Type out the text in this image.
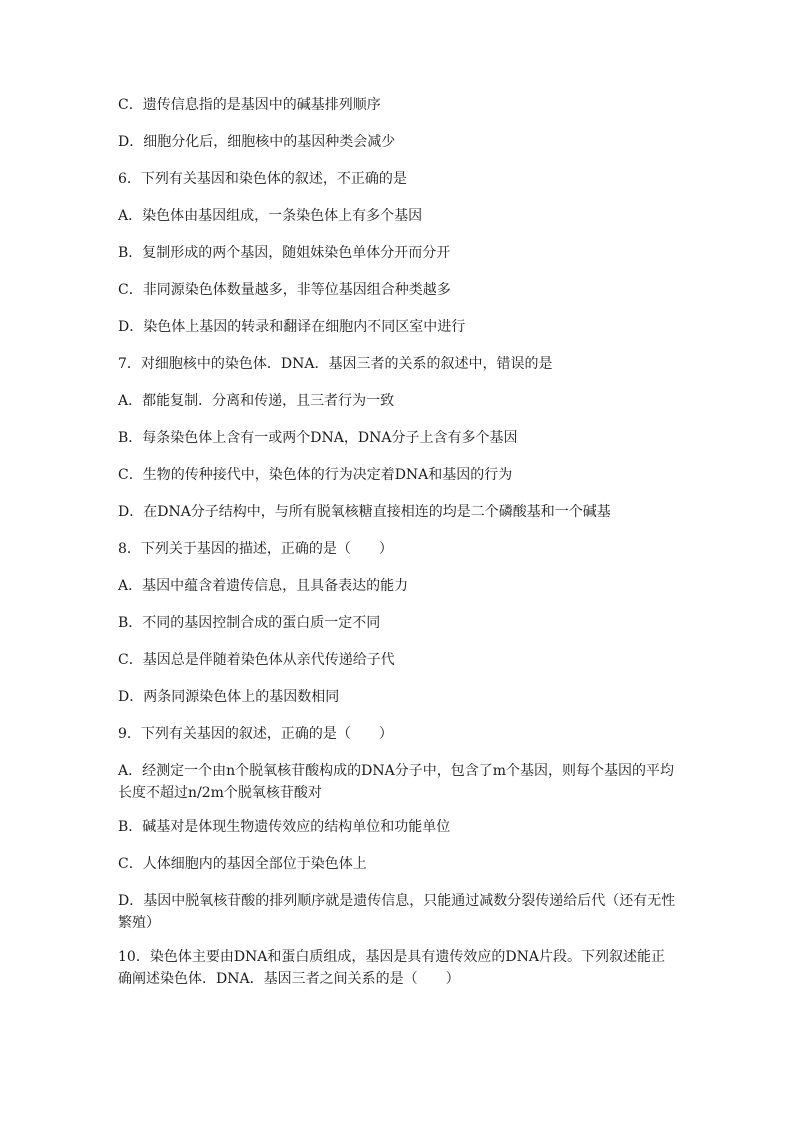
C．遗传信息指的是基因中的碱基排列顺序
D．细胞分化后，细胞核中的基因种类会减少
6．下列有关基因和染色体的叙述，不正确的是
A．染色体由基因组成，一条染色体上有多个基因
B．复制形成的两个基因，随姐妹染色单体分开而分开
C．非同源染色体数量越多，非等位基因组合种类越多
D．染色体上基因的转录和翻译在细胞内不同区室中进行
7．对细胞核中的染色体．DNA．基因三者的关系的叙述中，错误的是
A．都能复制．分离和传递，且三者行为一致
B．每条染色体上含有一或两个DNA，DNA分子上含有多个基因
C．生物的传种接代中，染色体的行为决定着DNA和基因的行为
D．在DNA分子结构中，与所有脱氧核糖直接相连的均是二个磷酸基和一个碱基
8．下列关于基因的描述，正确的是（　　）
A．基因中蕴含着遗传信息，且具备表达的能力
B．不同的基因控制合成的蛋白质一定不同
C．基因总是伴随着染色体从亲代传递给子代
D．两条同源染色体上的基因数相同
9．下列有关基因的叙述，正确的是（　　）
A．经测定一个由n个脱氧核苷酸构成的DNA分子中，包含了m个基因，则每个基因的平均长度不超过n/2m个脱氧核苷酸对
B．碱基对是体现生物遗传效应的结构单位和功能单位
C．人体细胞内的基因全部位于染色体上
D．基因中脱氧核苷酸的排列顺序就是遗传信息，只能通过减数分裂传递给后代（还有无性繁殖）
10．染色体主要由DNA和蛋白质组成，基因是具有遗传效应的DNA片段。下列叙述能正确阐述染色体．DNA．基因三者之间关系的是（　　）
